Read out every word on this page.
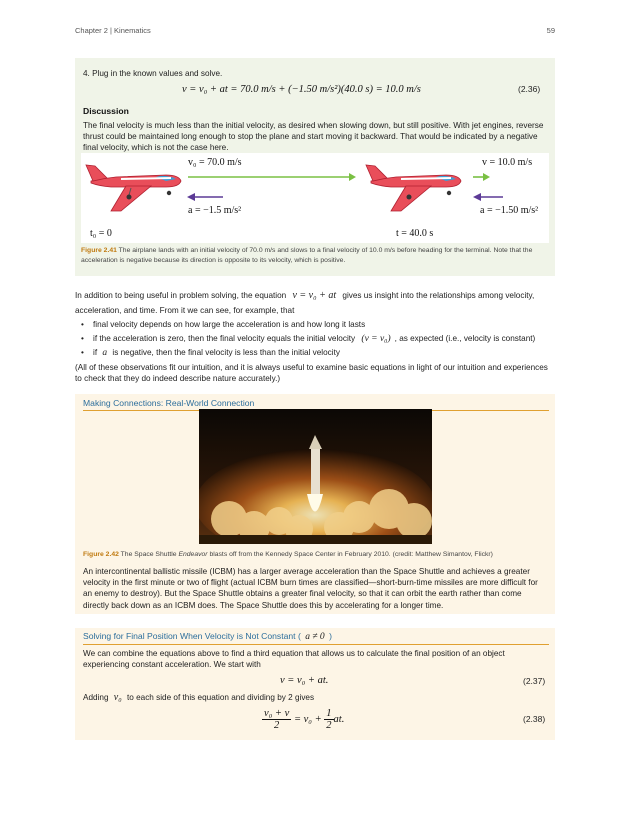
Chapter 2 | Kinematics	59
4. Plug in the known values and solve.
v = v₀ + at = 70.0 m/s + (−1.50 m/s²)(40.0 s) = 10.0 m/s	(2.36)
Discussion
The final velocity is much less than the initial velocity, as desired when slowing down, but still positive. With jet engines, reverse thrust could be maintained long enough to stop the plane and start moving it backward. That would be indicated by a negative final velocity, which is not the case here.
v₀ = 70.0 m/s
a = −1.5 m/s²
t₀ = 0
v = 10.0 m/s
a = −1.50 m/s²
t = 40.0 s
Figure 2.41 The airplane lands with an initial velocity of 70.0 m/s and slows to a final velocity of 10.0 m/s before heading for the terminal. Note that the acceleration is negative because its direction is opposite to its velocity, which is positive.
In addition to being useful in problem solving, the equation v = v₀ + at gives us insight into the relationships among velocity,
acceleration, and time. From it we can see, for example, that
• final velocity depends on how large the acceleration is and how long it lasts
• if the acceleration is zero, then the final velocity equals the initial velocity (v = v₀) , as expected (i.e., velocity is constant)
• if a is negative, then the final velocity is less than the initial velocity
(All of these observations fit our intuition, and it is always useful to examine basic equations in light of our intuition and experiences to check that they do indeed describe nature accurately.)
Making Connections: Real-World Connection
Figure 2.42 The Space Shuttle Endeavor blasts off from the Kennedy Space Center in February 2010. (credit: Matthew Simantov, Flickr)
An intercontinental ballistic missile (ICBM) has a larger average acceleration than the Space Shuttle and achieves a greater velocity in the first minute or two of flight (actual ICBM burn times are classified—short-burn-time missiles are more difficult for an enemy to destroy). But the Space Shuttle obtains a greater final velocity, so that it can orbit the earth rather than come directly back down as an ICBM does. The Space Shuttle does this by accelerating for a longer time.
Solving for Final Position When Velocity is Not Constant ( a ≠ 0 )
We can combine the equations above to find a third equation that allows us to calculate the final position of an object experiencing constant acceleration. We start with
v = v₀ + at.	(2.37)
Adding v₀ to each side of this equation and dividing by 2 gives
$\frac{\text{v₀ + v}}{2} = v_0 + \frac{1}{2}$ at.	(2.38)
